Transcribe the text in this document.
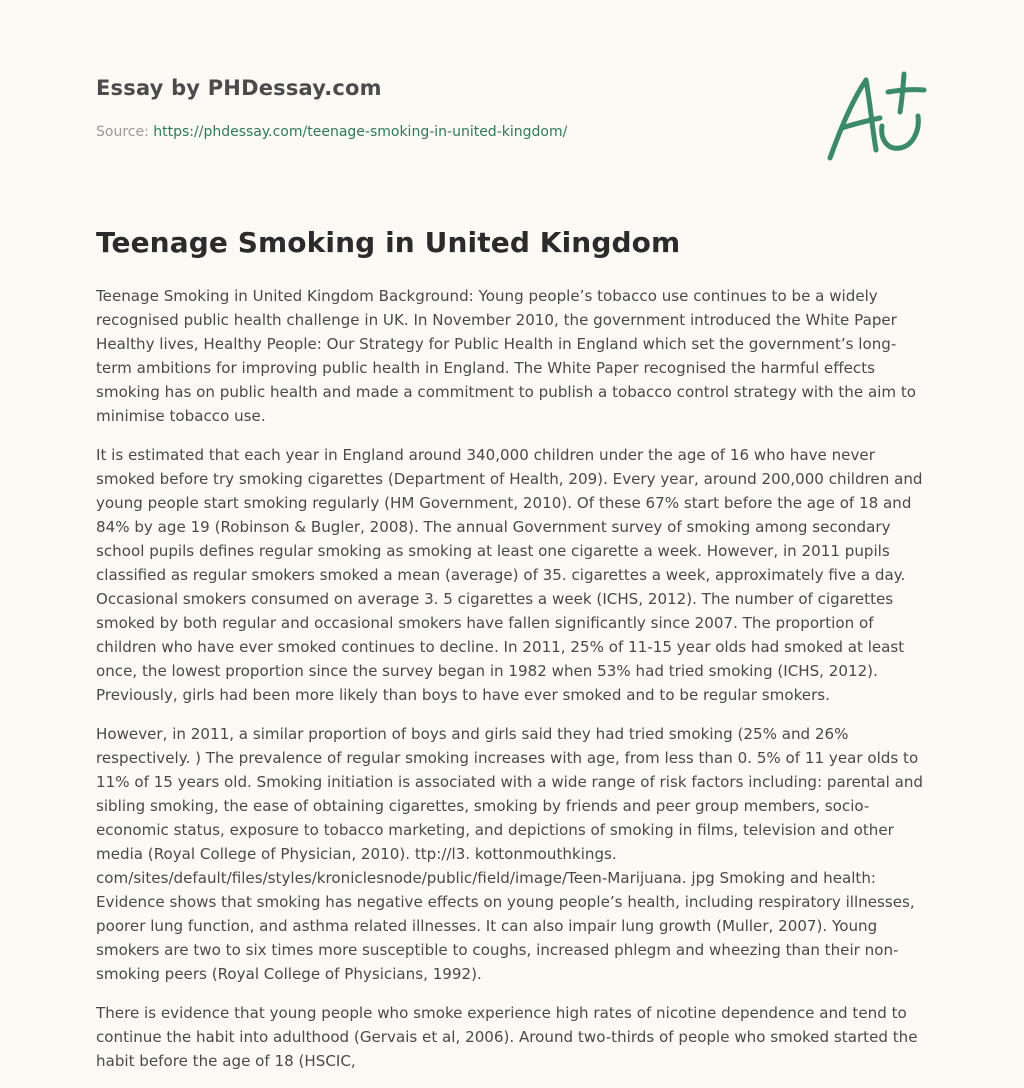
Essay by PHDessay.com
Source: https://phdessay.com/teenage-smoking-in-united-kingdom/
Teenage Smoking in United Kingdom

Teenage Smoking in United Kingdom Background: Young people’s tobacco use continues to be a widely recognised public health challenge in UK. In November 2010, the government introduced the White Paper Healthy lives, Healthy People: Our Strategy for Public Health in England which set the government’s long-term ambitions for improving public health in England. The White Paper recognised the harmful effects smoking has on public health and made a commitment to publish a tobacco control strategy with the aim to minimise tobacco use.

It is estimated that each year in England around 340,000 children under the age of 16 who have never smoked before try smoking cigarettes (Department of Health, 209). Every year, around 200,000 children and young people start smoking regularly (HM Government, 2010). Of these 67% start before the age of 18 and 84% by age 19 (Robinson & Bugler, 2008). The annual Government survey of smoking among secondary school pupils defines regular smoking as smoking at least one cigarette a week. However, in 2011 pupils classified as regular smokers smoked a mean (average) of 35. cigarettes a week, approximately five a day. Occasional smokers consumed on average 3. 5 cigarettes a week (ICHS, 2012). The number of cigarettes smoked by both regular and occasional smokers have fallen significantly since 2007. The proportion of children who have ever smoked continues to decline. In 2011, 25% of 11-15 year olds had smoked at least once, the lowest proportion since the survey began in 1982 when 53% had tried smoking (ICHS, 2012). Previously, girls had been more likely than boys to have ever smoked and to be regular smokers.

However, in 2011, a similar proportion of boys and girls said they had tried smoking (25% and 26% respectively. ) The prevalence of regular smoking increases with age, from less than 0. 5% of 11 year olds to 11% of 15 years old. Smoking initiation is associated with a wide range of risk factors including: parental and sibling smoking, the ease of obtaining cigarettes, smoking by friends and peer group members, socio-economic status, exposure to tobacco marketing, and depictions of smoking in films, television and other media (Royal College of Physician, 2010). ttp://l3. kottonmouthkings. com/sites/default/files/styles/kroniclesnode/public/field/image/Teen-Marijuana. jpg Smoking and health: Evidence shows that smoking has negative effects on young people’s health, including respiratory illnesses, poorer lung function, and asthma related illnesses. It can also impair lung growth (Muller, 2007). Young smokers are two to six times more susceptible to coughs, increased phlegm and wheezing than their non-smoking peers (Royal College of Physicians, 1992).

There is evidence that young people who smoke experience high rates of nicotine dependence and tend to continue the habit into adulthood (Gervais et al, 2006). Around two-thirds of people who smoked started the habit before the age of 18 (HSCIC,
